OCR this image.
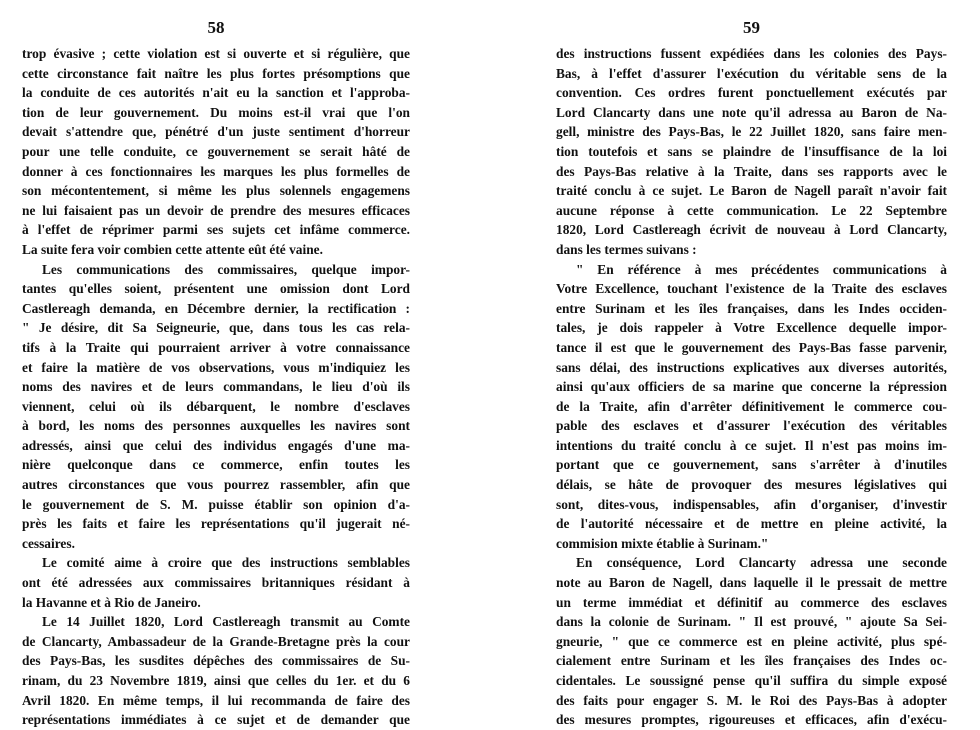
58
trop évasive ; cette violation est si ouverte et si régulière, que
cette circonstance fait naître les plus fortes présomptions que
la conduite de ces autorités n'ait eu la sanction et l'approba-
tion de leur gouvernement. Du moins est-il vrai que l'on
devait s'attendre que, pénétré d'un juste sentiment d'horreur
pour une telle conduite, ce gouvernement se serait hâté de
donner à ces fonctionnaires les marques les plus formelles de
son mécontentement, si même les plus solennels engagemens
ne lui faisaient pas un devoir de prendre des mesures efficaces
à l'effet de réprimer parmi ses sujets cet infâme commerce.
La suite fera voir combien cette attente eût été vaine.
Les communications des commissaires, quelque impor-
tantes qu'elles soient, présentent une omission dont Lord
Castlereagh demanda, en Décembre dernier, la rectification :
" Je désire, dit Sa Seigneurie, que, dans tous les cas rela-
tifs à la Traite qui pourraient arriver à votre connaissance
et faire la matière de vos observations, vous m'indiquiez les
noms des navires et de leurs commandans, le lieu d'où ils
viennent, celui où ils débarquent, le nombre d'esclaves
à bord, les noms des personnes auxquelles les navires sont
adressés, ainsi que celui des individus engagés d'une ma-
nière quelconque dans ce commerce, enfin toutes les
autres circonstances que vous pourrez rassembler, afin que
le gouvernement de S. M. puisse établir son opinion d'a-
près les faits et faire les représentations qu'il jugerait né-
cessaires.
Le comité aime à croire que des instructions semblables
ont été adressées aux commissaires britanniques résidant à
la Havanne et à Rio de Janeiro.
Le 14 Juillet 1820, Lord Castlereagh transmit au Comte
de Clancarty, Ambassadeur de la Grande-Bretagne près la cour
des Pays-Bas, les susdites dépêches des commissaires de Su-
rinam, du 23 Novembre 1819, ainsi que celles du 1er. et du 6
Avril 1820. En même temps, il lui recommanda de faire des
représentations immédiates à ce sujet et de demander que
59
des instructions fussent expédiées dans les colonies des Pays-
Bas, à l'effet d'assurer l'exécution du véritable sens de la
convention. Ces ordres furent ponctuellement exécutés par
Lord Clancarty dans une note qu'il adressa au Baron de Na-
gell, ministre des Pays-Bas, le 22 Juillet 1820, sans faire men-
tion toutefois et sans se plaindre de l'insuffisance de la loi
des Pays-Bas relative à la Traite, dans ses rapports avec le
traité conclu à ce sujet. Le Baron de Nagell paraît n'avoir fait
aucune réponse à cette communication. Le 22 Septembre
1820, Lord Castlereagh écrivit de nouveau à Lord Clancarty,
dans les termes suivans :
" En référence à mes précédentes communications à
Votre Excellence, touchant l'existence de la Traite des esclaves
entre Surinam et les îles françaises, dans les Indes occiden-
tales, je dois rappeler à Votre Excellence dequelle impor-
tance il est que le gouvernement des Pays-Bas fasse parvenir,
sans délai, des instructions explicatives aux diverses autorités,
ainsi qu'aux officiers de sa marine que concerne la répression
de la Traite, afin d'arrêter définitivement le commerce cou-
pable des esclaves et d'assurer l'exécution des véritables
intentions du traité conclu à ce sujet. Il n'est pas moins im-
portant que ce gouvernement, sans s'arrêter à d'inutiles
délais, se hâte de provoquer des mesures législatives qui
sont, dites-vous, indispensables, afin d'organiser, d'investir
de l'autorité nécessaire et de mettre en pleine activité, la
commision mixte établie à Surinam."
En conséquence, Lord Clancarty adressa une seconde
note au Baron de Nagell, dans laquelle il le pressait de mettre
un terme immédiat et définitif au commerce des esclaves
dans la colonie de Surinam. " Il est prouvé, " ajoute Sa Sei-
gneurie, " que ce commerce est en pleine activité, plus spé-
cialement entre Surinam et les îles françaises des Indes oc-
cidentales. Le soussigné pense qu'il suffira du simple exposé
des faits pour engager S. M. le Roi des Pays-Bas à adopter
des mesures promptes, rigoureuses et efficaces, afin d'exécu-
